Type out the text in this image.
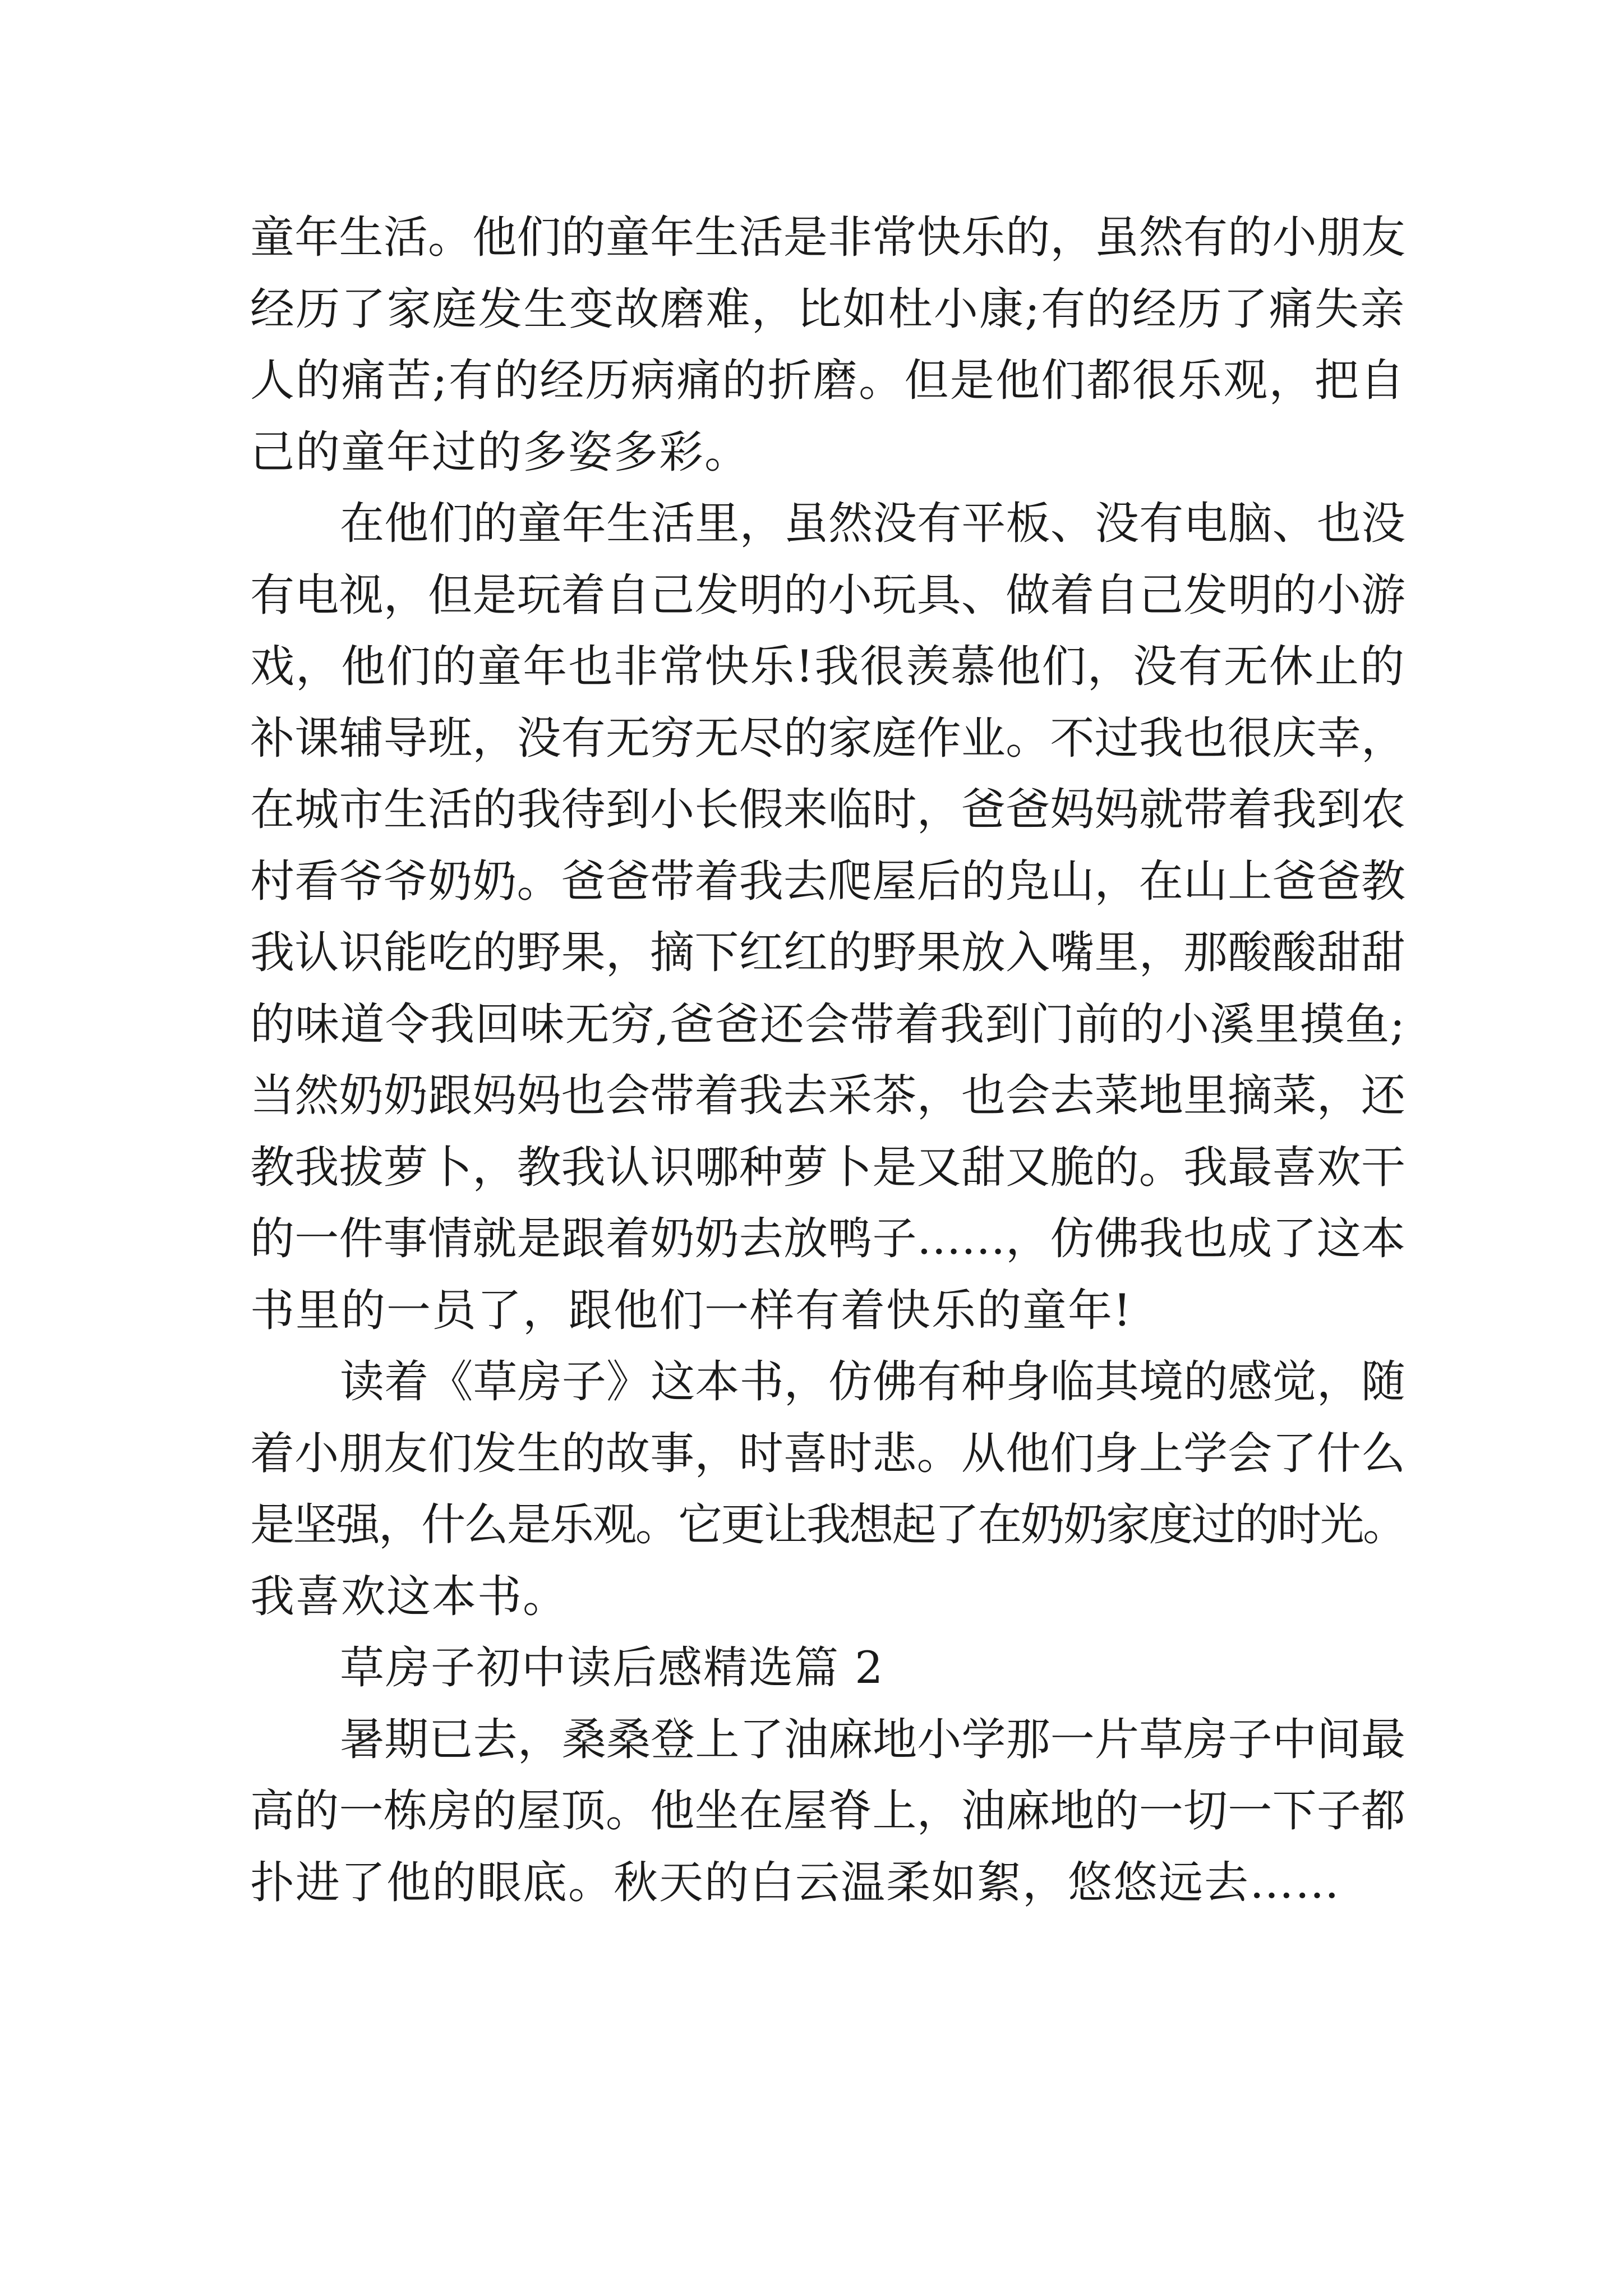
童年生活。他们的童年生活是非常快乐的，虽然有的小朋友
经历了家庭发生变故磨难，比如杜小康;有的经历了痛失亲
人的痛苦;有的经历病痛的折磨。但是他们都很乐观，把自
己的童年过的多姿多彩。
在他们的童年生活里，虽然没有平板、没有电脑、也没
有电视，但是玩着自己发明的小玩具、做着自己发明的小游
戏，他们的童年也非常快乐!我很羡慕他们，没有无休止的
补课辅导班，没有无穷无尽的家庭作业。不过我也很庆幸，
在城市生活的我待到小长假来临时，爸爸妈妈就带着我到农
村看爷爷奶奶。爸爸带着我去爬屋后的凫山，在山上爸爸教
我认识能吃的野果，摘下红红的野果放入嘴里，那酸酸甜甜
的味道令我回味无穷,爸爸还会带着我到门前的小溪里摸鱼;
当然奶奶跟妈妈也会带着我去采茶，也会去菜地里摘菜，还
教我拔萝卜，教我认识哪种萝卜是又甜又脆的。我最喜欢干
的一件事情就是跟着奶奶去放鸭子……，仿佛我也成了这本
书里的一员了，跟他们一样有着快乐的童年!
读着《草房子》这本书，仿佛有种身临其境的感觉，随
着小朋友们发生的故事，时喜时悲。从他们身上学会了什么
是坚强，什么是乐观。它更让我想起了在奶奶家度过的时光。
我喜欢这本书。
草房子初中读后感精选篇 2
暑期已去，桑桑登上了油麻地小学那一片草房子中间最
高的一栋房的屋顶。他坐在屋脊上，油麻地的一切一下子都
扑进了他的眼底。秋天的白云温柔如絮，悠悠远去……
